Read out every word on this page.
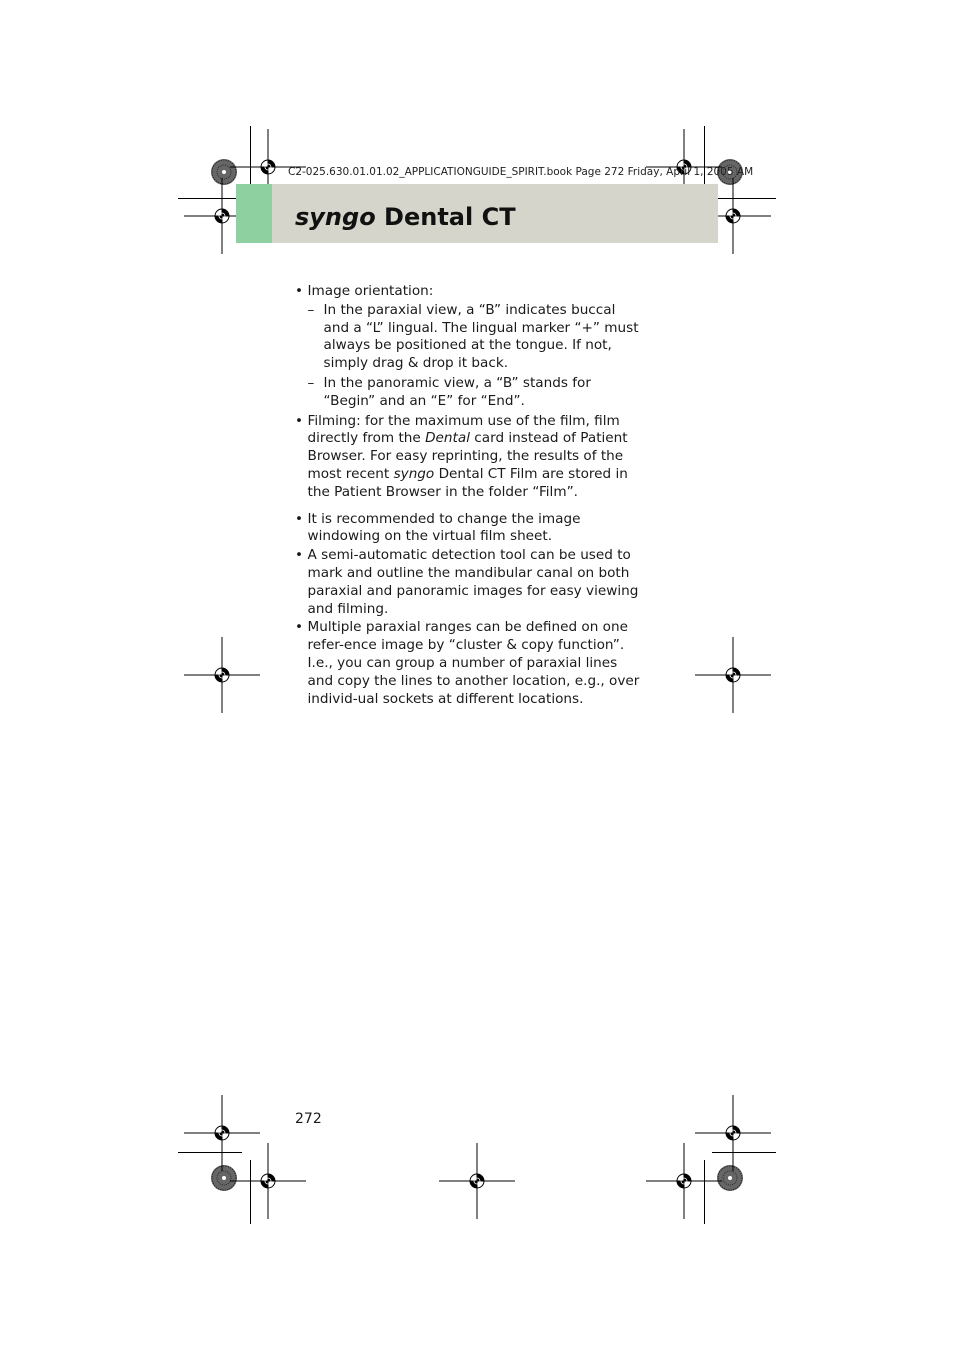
C2-025.630.01.01.02_APPLICATIONGUIDE_SPIRIT.book Page 272 Friday, April 1, 2005 AM
syngo Dental CT
• Image orientation:
– In the paraxial view, a “B” indicates buccal and a “L” lingual. The lingual marker “+” must always be positioned at the tongue. If not, simply drag & drop it back.
– In the panoramic view, a “B” stands for “Begin” and an “E” for “End”.
• Filming: for the maximum use of the film, film directly from the Dental card instead of Patient Browser. For easy reprinting, the results of the most recent syngo Dental CT Film are stored in the Patient Browser in the folder “Film”.
• It is recommended to change the image windowing on the virtual film sheet.
• A semi-automatic detection tool can be used to mark and outline the mandibular canal on both paraxial and panoramic images for easy viewing and filming.
• Multiple paraxial ranges can be defined on one refer-ence image by “cluster & copy function”.
I.e., you can group a number of paraxial lines and copy the lines to another location, e.g., over individ-ual sockets at different locations.
272
